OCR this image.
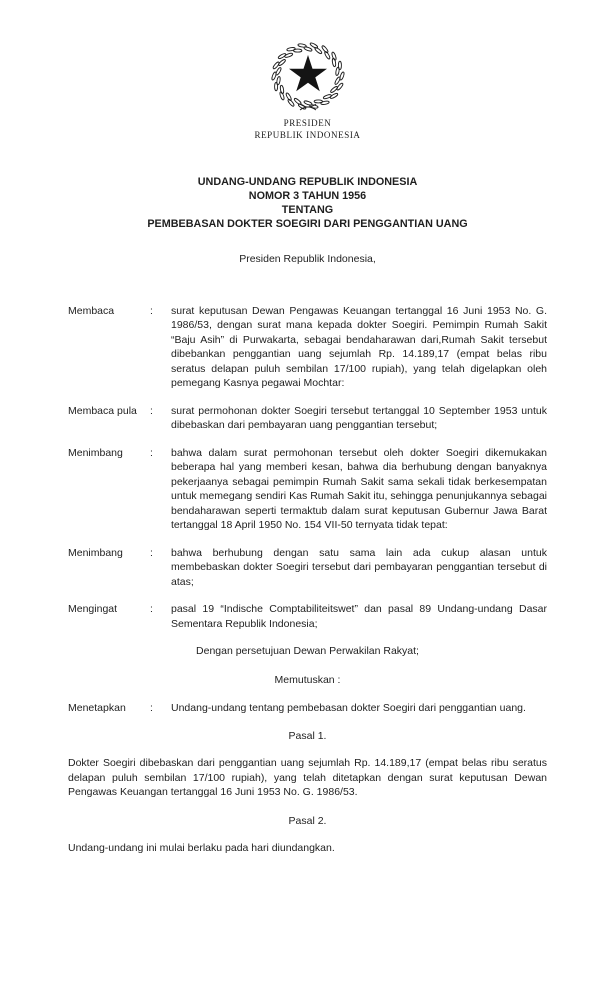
PRESIDEN
REPUBLIK INDONESIA
UNDANG-UNDANG REPUBLIK INDONESIA
NOMOR 3 TAHUN 1956
TENTANG
PEMBEBASAN DOKTER SOEGIRI DARI PENGGANTIAN UANG

Presiden Republik Indonesia,

Membaca	:	surat keputusan Dewan Pengawas Keuangan tertanggal 16 Juni 1953 No. G. 1986/53, dengan surat mana kepada dokter Soegiri. Pemimpin Rumah Sakit “Baju Asih” di Purwakarta, sebagai bendaharawan dari,Rumah Sakit tersebut dibebankan penggantian uang sejumlah Rp. 14.189,17 (empat belas ribu seratus delapan puluh sembilan 17/100 rupiah), yang telah digelapkan oleh pemegang Kasnya pegawai Mochtar:
Membaca pula	:	surat permohonan dokter Soegiri tersebut tertanggal 10 September 1953 untuk dibebaskan dari pembayaran uang penggantian tersebut;
Menimbang	:	bahwa dalam surat permohonan tersebut oleh dokter Soegiri dikemukakan beberapa hal yang memberi kesan, bahwa dia berhubung dengan banyaknya pekerjaanya sebagai pemimpin Rumah Sakit sama sekali tidak berkesempatan untuk memegang sendiri Kas Rumah Sakit itu, sehingga penunjukannya sebagai bendaharawan seperti termaktub dalam surat keputusan Gubernur Jawa Barat tertanggal 18 April 1950 No. 154 VII-50 ternyata tidak tepat:
Menimbang	:	bahwa berhubung dengan satu sama lain ada cukup alasan untuk membebaskan dokter Soegiri tersebut dari pembayaran penggantian tersebut di atas;
Mengingat	:	pasal 19 “Indische Comptabiliteitswet” dan pasal 89 Undang-undang Dasar Sementara Republik Indonesia;

Dengan persetujuan Dewan Perwakilan Rakyat;

Memutuskan :

Menetapkan	:	Undang-undang tentang pembebasan dokter Soegiri dari penggantian uang.
Pasal 1.

Dokter Soegiri dibebaskan dari penggantian uang sejumlah Rp. 14.189,17 (empat belas ribu seratus delapan puluh sembilan 17/100 rupiah), yang telah ditetapkan dengan surat keputusan Dewan Pengawas Keuangan tertanggal 16 Juni 1953 No. G. 1986/53.

Pasal 2.

Undang-undang ini mulai berlaku pada hari diundangkan.
